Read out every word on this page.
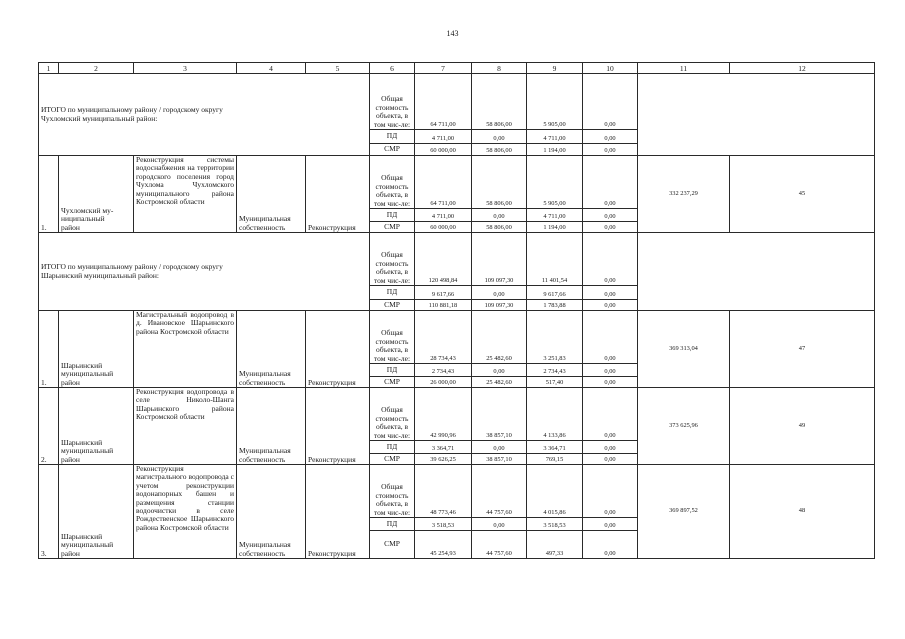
143
1	2	3	4	5	6	7	8	9	10	11	12

ИТОГО по муниципальному району / городскому округу
Чухломский муниципальный район:					Общая стоимость объекта, в том чис-ле:	64 711,00	58 806,00	5 905,00	0,00		
					ПД	4 711,00	0,00	4 711,00	0,00		
					СМР	60 000,00	58 806,00	1 194,00	0,00		
1.	Чухломский му-
ниципальный
район	Реконструкция системы водоснабжения на территории городского поселения город Чухлома Чухломского муниципального района Костромской области	Муниципальная
собственность	Реконструкция	Общая стоимость объекта, в том чис-ле:	64 711,00	58 806,00	5 905,00	0,00	332 237,29	45
					ПД	4 711,00	0,00	4 711,00	0,00		
					СМР	60 000,00	58 806,00	1 194,00	0,00		

ИТОГО по муниципальному району / городскому округу
Шарьинский муниципальный район:					Общая стоимость объекта, в том чис-ле:	120 498,84	109 097,30	11 401,54	0,00		
					ПД	9 617,66	0,00	9 617,66	0,00		
					СМР	110 881,18	109 097,30	1 783,88	0,00		
1.	Шарьинский
муниципальный
район	Магистральный водопровод в д. Ивановское Шарьинского района Костромской области	Муниципальная
собственность	Реконструкция	Общая стоимость объекта, в том чис-ле:	28 734,43	25 482,60	3 251,83	0,00	369 313,04	47
					ПД	2 734,43	0,00	2 734,43	0,00		
					СМР	26 000,00	25 482,60	517,40	0,00		
2.	Шарьинский
муниципальный
район	Реконструкция водопровода в селе Николо-Шанга Шарьинского района Костромской области	Муниципальная
собственность	Реконструкция	Общая стоимость объекта, в том чис-ле:	42 990,96	38 857,10	4 133,86	0,00	373 625,96	49
					ПД	3 364,71	0,00	3 364,71	0,00		
					СМР	39 626,25	38 857,10	769,15	0,00		
3.	Шарьинский
муниципальный
район	Реконструкция магистрального водопровода с учетом реконструкции водонапорных башен и размещения станции водоочистки в селе Рождественское Шарьинского района Костромской области	Муниципальная
собственность	Реконструкция	Общая стоимость объекта, в том чис-ле:	48 773,46	44 757,60	4 015,86	0,00	369 897,52	48
					ПД	3 518,53	0,00	3 518,53	0,00		
					СМР	45 254,93	44 757,60	497,33	0,00		
